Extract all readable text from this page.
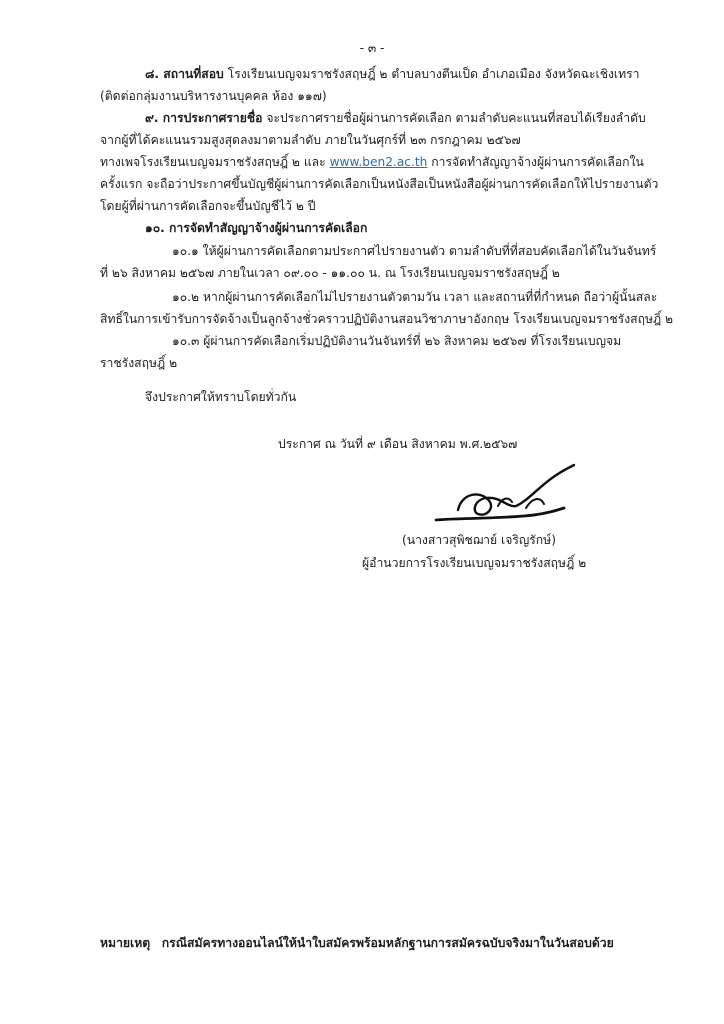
- ๓ -
๘. สถานที่สอบ โรงเรียนเบญจมราชรังสฤษฎิ์ ๒ ตำบลบางตีนเป็ด อำเภอเมือง จังหวัดฉะเชิงเทรา
(ติดต่อกลุ่มงานบริหารงานบุคคล ห้อง ๑๑๗)
๙. การประกาศรายชื่อ จะประกาศรายชื่อผู้ผ่านการคัดเลือก ตามลำดับคะแนนที่สอบได้เรียงลำดับ
จากผู้ที่ได้คะแนนรวมสูงสุดลงมาตามลำดับ ภายในวันศุกร์ที่ ๒๓ กรกฎาคม ๒๕๖๗
ทางเพจโรงเรียนเบญจมราชรังสฤษฎิ์ ๒ และ www.ben2.ac.th การจัดทำสัญญาจ้างผู้ผ่านการคัดเลือกใน
ครั้งแรก จะถือว่าประกาศขึ้นบัญชีผู้ผ่านการคัดเลือกเป็นหนังสือเป็นหนังสือผู้ผ่านการคัดเลือกให้ไปรายงานตัว
โดยผู้ที่ผ่านการคัดเลือกจะขึ้นบัญชีไว้ ๒ ปี
๑๐. การจัดทำสัญญาจ้างผู้ผ่านการคัดเลือก
๑๐.๑ ให้ผู้ผ่านการคัดเลือกตามประกาศไปรายงานตัว ตามลำดับที่ที่สอบคัดเลือกได้ในวันจันทร์
ที่ ๒๖ สิงหาคม ๒๕๖๗ ภายในเวลา ๐๙.๐๐ - ๑๑.๐๐ น. ณ โรงเรียนเบญจมราชรังสฤษฎิ์ ๒
๑๐.๒ หากผู้ผ่านการคัดเลือกไม่ไปรายงานตัวตามวัน เวลา และสถานที่ที่กำหนด ถือว่าผู้นั้นสละ
สิทธิ์ในการเข้ารับการจัดจ้างเป็นลูกจ้างชั่วคราวปฏิบัติงานสอนวิชาภาษาอังกฤษ โรงเรียนเบญจมราชรังสฤษฎิ์ ๒
๑๐.๓ ผู้ผ่านการคัดเลือกเริ่มปฏิบัติงานวันจันทร์ที่ ๒๖ สิงหาคม ๒๕๖๗ ที่โรงเรียนเบญจม
ราชรังสฤษฎิ์ ๒
จึงประกาศให้ทราบโดยทั่วกัน
ประกาศ ณ วันที่ ๙ เดือน สิงหาคม พ.ศ.๒๕๖๗
(นางสาวสุพิชฌาย์ เจริญรักษ์)
ผู้อำนวยการโรงเรียนเบญจมราชรังสฤษฎิ์ ๒
หมายเหตุ กรณีสมัครทางออนไลน์ให้นำใบสมัครพร้อมหลักฐานการสมัครฉบับจริงมาในวันสอบด้วย
